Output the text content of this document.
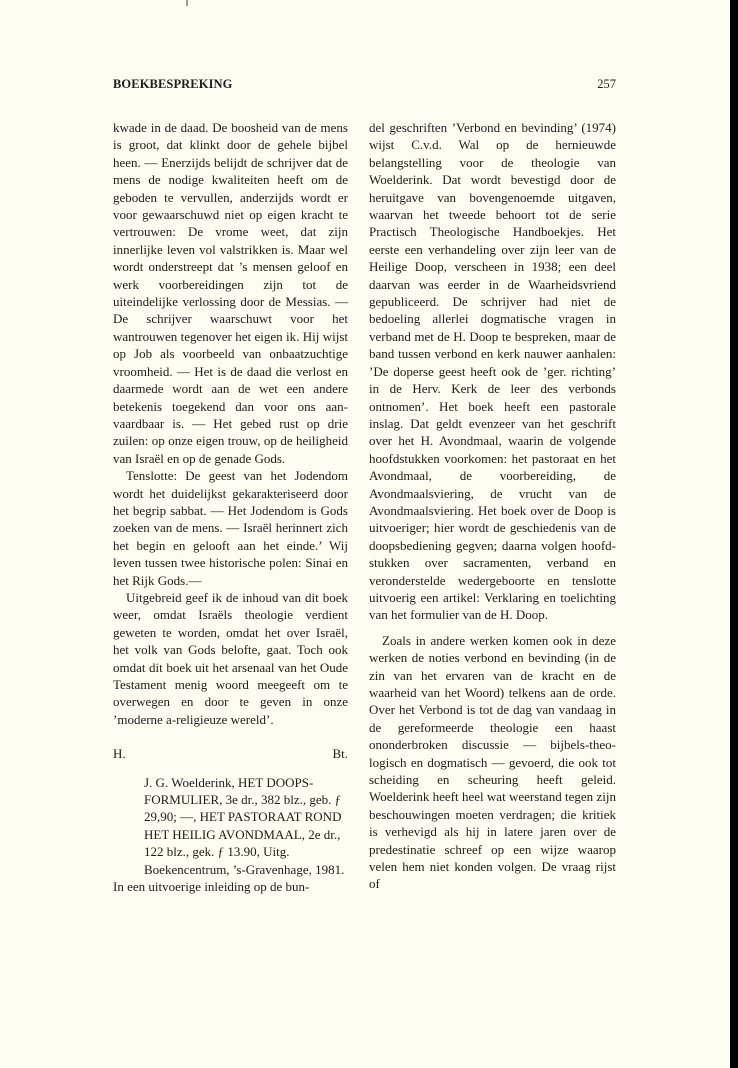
BOEKBESPREKING	257

kwade in de daad. De boosheid van de mens is groot, dat klinkt door de gehele bijbel heen. — Enerzijds belijdt de schrijver dat de mens de nodige kwaliteiten heeft om de geboden te vervullen, anderzijds wordt er voor gewaarschuwd niet op eigen kracht te vertrouwen: De vrome weet, dat zijn innerlijke leven vol valstrikken is. Maar wel wordt onderstreept dat ’s mensen geloof en werk voorbereidingen zijn tot de uiteindelijke verlossing door de Messias. — De schrijver waarschuwt voor het wantrouwen tegenover het eigen ik. Hij wijst op Job als voorbeeld van onbaatzuchtige vroomheid. — Het is de daad die verlost en daarmede wordt aan de wet een andere betekenis toegekend dan voor ons aanvaardbaar is. — Het gebed rust op drie zuilen: op onze eigen trouw, op de heiligheid van Israël en op de genade Gods.

Tenslotte: De geest van het Jodendom wordt het duidelijkst gekarakteriseerd door het begrip sabbat. — Het Jodendom is Gods zoeken van de mens. — Israël herinnert zich het begin en gelooft aan het einde.’ Wij leven tussen twee historische polen: Sinai en het Rijk Gods.—

Uitgebreid geef ik de inhoud van dit boek weer, omdat Israëls theologie verdient geweten te worden, omdat het over Israël, het volk van Gods belofte, gaat. Toch ook omdat dit boek uit het arsenaal van het Oude Testament menig woord meegeeft om te overwegen en door te geven in onze ’moderne a-religieuze wereld’.

H.	Bt.

J. G. Woelderink, HET DOOPSFORMULIER, 3e dr., 382 blz., geb. ƒ 29,90; —, HET PASTORAAT ROND HET HEILIG AVONDMAAL, 2e dr., 122 blz., gek. ƒ 13.90, Uitg. Boekencentrum, ’s-Gravenhage, 1981.

In een uitvoerige inleiding op de bun-

del geschriften ’Verbond en bevinding’ (1974) wijst C.v.d. Wal op de hernieuwde belangstelling voor de theologie van Woelderink. Dat wordt bevestigd door de heruitgave van bovengenoemde uitgaven, waarvan het tweede behoort tot de serie Practisch Theologische Handboekjes. Het eerste een verhandeling over zijn leer van de Heilige Doop, verscheen in 1938; een deel daarvan was eerder in de Waarheidsvriend gepubliceerd. De schrijver had niet de bedoeling allerlei dogmatische vragen in verband met de H. Doop te bespreken, maar de band tussen verbond en kerk nauwer aanhalen: ’De doperse geest heeft ook de ’ger. richting’ in de Herv. Kerk de leer des verbonds ontnomen’. Het boek heeft een pastorale inslag. Dat geldt evenzeer van het geschrift over het H. Avondmaal, waarin de volgende hoofdstukken voorkomen: het pastoraat en het Avondmaal, de voorbereiding, de Avondmaalsviering, de vrucht van de Avondmaalsviering. Het boek over de Doop is uitvoeriger; hier wordt de geschiedenis van de doopsbediening gegven; daarna volgen hoofdstukken over sacramenten, verband en veronderstelde wedergeboorte en tenslotte uitvoerig een artikel: Verklaring en toelichting van het formulier van de H. Doop.

Zoals in andere werken komen ook in deze werken de noties verbond en bevinding (in de zin van het ervaren van de kracht en de waarheid van het Woord) telkens aan de orde. Over het Verbond is tot de dag van vandaag in de gereformeerde theologie een haast ononderbroken discussie — bijbels-theologisch en dogmatisch — gevoerd, die ook tot scheiding en scheuring heeft geleid. Woelderink heeft heel wat weerstand tegen zijn beschouwingen moeten verdragen; die kritiek is verhevigd als hij in latere jaren over de predestinatie schreef op een wijze waarop velen hem niet konden volgen. De vraag rijst of
